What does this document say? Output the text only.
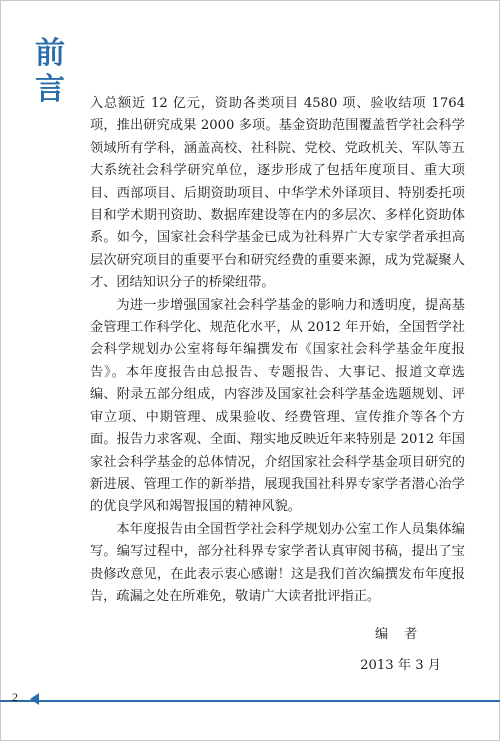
前
言 入总额近 12 亿元，资助各类项目 4580 项、验收结项 1764 项，推出研究成果 2000 多项。基金资助范围覆盖哲学社会科学领域所有学科，涵盖高校、社科院、党校、党政机关、军队等五大系统社会科学研究单位，逐步形成了包括年度项目、重大项目、西部项目、后期资助项目、中华学术外译项目、特别委托项目和学术期刊资助、数据库建设等在内的多层次、多样化资助体系。如今，国家社会科学基金已成为社科界广大专家学者承担高层次研究项目的重要平台和研究经费的重要来源，成为党凝聚人才、团结知识分子的桥梁纽带。

为进一步增强国家社会科学基金的影响力和透明度，提高基金管理工作科学化、规范化水平，从 2012 年开始，全国哲学社会科学规划办公室将每年编撰发布《国家社会科学基金年度报告》。本年度报告由总报告、专题报告、大事记、报道文章选编、附录五部分组成，内容涉及国家社会科学基金选题规划、评审立项、中期管理、成果验收、经费管理、宣传推介等各个方面。报告力求客观、全面、翔实地反映近年来特别是 2012 年国家社会科学基金的总体情况，介绍国家社会科学基金项目研究的新进展、管理工作的新举措，展现我国社科界专家学者潜心治学的优良学风和竭智报国的精神风貌。

本年度报告由全国哲学社会科学规划办公室工作人员集体编写。编写过程中，部分社科界专家学者认真审阅书稿，提出了宝贵修改意见，在此表示衷心感谢！这是我们首次编撰发布年度报告，疏漏之处在所难免，敬请广大读者批评指正。

编者
2013 年 3 月
2
